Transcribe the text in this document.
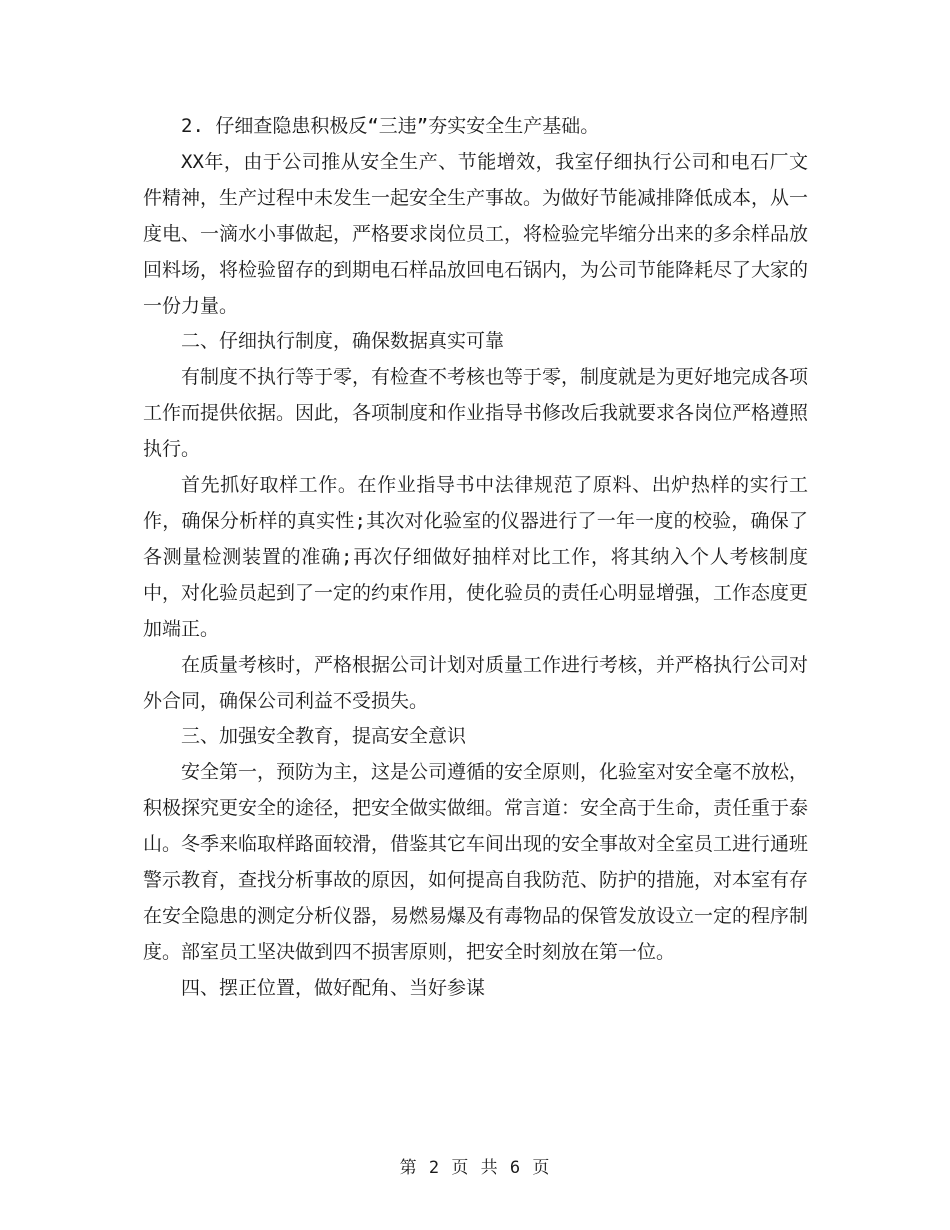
2. 仔细查隐患积极反“三违”夯实安全生产基础。

XX年，由于公司推从安全生产、节能增效，我室仔细执行公司和电石厂文件精神，生产过程中未发生一起安全生产事故。为做好节能减排降低成本，从一度电、一滴水小事做起，严格要求岗位员工，将检验完毕缩分出来的多余样品放回料场，将检验留存的到期电石样品放回电石锅内，为公司节能降耗尽了大家的一份力量。

二、仔细执行制度，确保数据真实可靠

有制度不执行等于零，有检查不考核也等于零，制度就是为更好地完成各项工作而提供依据。因此，各项制度和作业指导书修改后我就要求各岗位严格遵照执行。

首先抓好取样工作。在作业指导书中法律规范了原料、出炉热样的实行工作，确保分析样的真实性;其次对化验室的仪器进行了一年一度的校验，确保了各测量检测装置的准确;再次仔细做好抽样对比工作，将其纳入个人考核制度中，对化验员起到了一定的约束作用，使化验员的责任心明显增强，工作态度更加端正。

在质量考核时，严格根据公司计划对质量工作进行考核，并严格执行公司对外合同，确保公司利益不受损失。

三、加强安全教育，提高安全意识

安全第一，预防为主，这是公司遵循的安全原则，化验室对安全毫不放松，积极探究更安全的途径，把安全做实做细。常言道：安全高于生命，责任重于泰山。冬季来临取样路面较滑，借鉴其它车间出现的安全事故对全室员工进行通班警示教育，查找分析事故的原因，如何提高自我防范、防护的措施，对本室有存在安全隐患的测定分析仪器，易燃易爆及有毒物品的保管发放设立一定的程序制度。部室员工坚决做到四不损害原则，把安全时刻放在第一位。

四、摆正位置，做好配角、当好参谋

第 2 页 共 6 页
